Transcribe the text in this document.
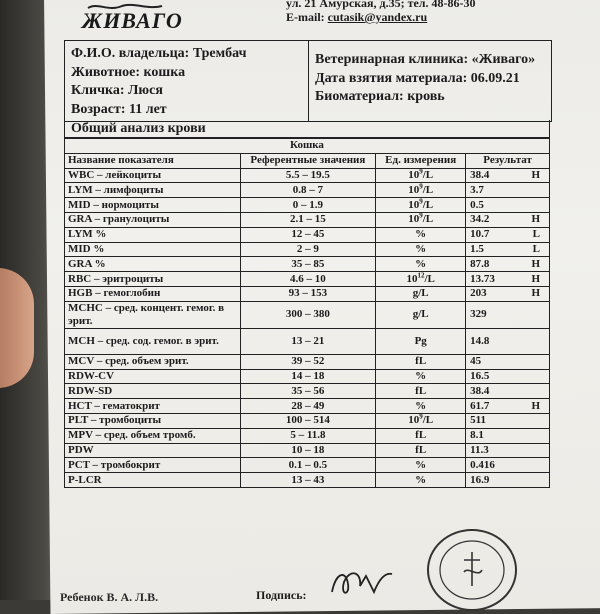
ЖИВАГО
ул. 21 Амурская, д.35; тел. 48-86-30
E-mail: cutasik@yandex.ru
Ф.И.О. владельца: Трембач
Животное: кошка
Кличка: Люся
Возраст: 11 лет
Ветеринарная клиника: «Живаго»
Дата взятия материала: 06.09.21
Биоматериал: кровь
Общий анализ крови
Кошка			
Название показателя	Референтные значения	Ед. измерения	Результат
WBC – лейкоциты	5.5 – 19.5	$10^9/L$	38.4 H

LYM – лимфоциты	0.8 – 7	$10^9/L$	3.7

MID – нормоциты	0 – 1.9	$10^9/L$	0.5

GRA – гранулоциты	2.1 – 15	$10^9/L$	34.2 H

LYM %	12 – 45	%	10.7 L

MID %	2 – 9	%	1.5 L

GRA %	35 – 85	%	87.8 H

RBC – эритроциты	4.6 – 10	$10^{12}/L$	13.73 H

HGB – гемоглобин	93 – 153	g/L	203 H

MCHC – сред. концент. гемог. в эрит.	300 – 380	g/L	329

MCH – сред. сод. гемог. в эрит.	13 – 21	Pg	14.8

MCV – сред. объем эрит.	39 – 52	fL	45

RDW-CV	14 – 18	%	16.5

RDW-SD	35 – 56	fL	38.4

HCT – гематокрит	28 – 49	%	61.7 H

PLT – тромбоциты	100 – 514	$10^9/L$	511

MPV – сред. объем тромб.	5 – 11.8	fL	8.1

PDW	10 – 18	fL	11.3

PCT – тромбокрит	0.1 – 0.5	%	0.416

P-LCR	13 – 43	%	16.9
Ребенок В. А. Л.В.	Подпись:
